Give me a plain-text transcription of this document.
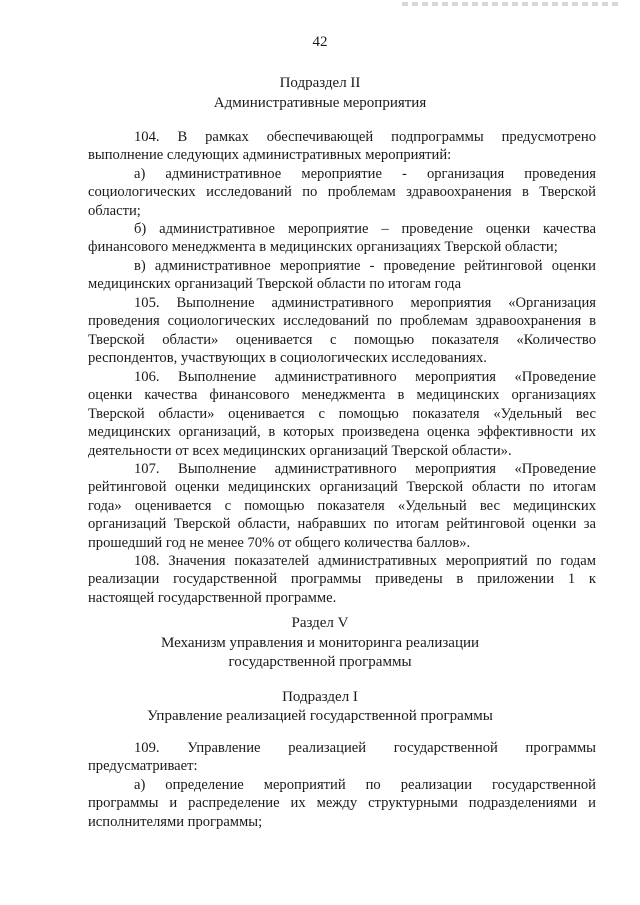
42
Подраздел II
Административные мероприятия
104. В рамках обеспечивающей подпрограммы предусмотрено
выполнение следующих административных мероприятий:
а) административное мероприятие - организация проведения
социологических исследований по проблемам здравоохранения в Тверской
области;
б) административное мероприятие – проведение оценки качества
финансового менеджмента в медицинских организациях Тверской области;
в) административное мероприятие - проведение рейтинговой оценки
медицинских организаций Тверской области по итогам года
105. Выполнение административного мероприятия «Организация
проведения социологических исследований по проблемам здравоохранения в
Тверской области» оценивается с помощью показателя «Количество
респондентов, участвующих в социологических исследованиях.
106. Выполнение административного мероприятия «Проведение
оценки качества финансового менеджмента в медицинских организациях
Тверской области» оценивается с помощью показателя «Удельный вес
медицинских организаций, в которых произведена оценка эффективности их
деятельности от всех медицинских организаций Тверской области».
107. Выполнение административного мероприятия «Проведение
рейтинговой оценки медицинских организаций Тверской области по итогам
года» оценивается с помощью показателя «Удельный вес медицинских
организаций Тверской области, набравших по итогам рейтинговой оценки за
прошедший год не менее 70% от общего количества баллов».
108. Значения показателей административных мероприятий по годам
реализации государственной программы приведены в приложении 1 к
настоящей государственной программе.
Раздел V
Механизм управления и мониторинга реализации
государственной программы
Подраздел I
Управление реализацией государственной программы
109. Управление реализацией государственной программы
предусматривает:
а) определение мероприятий по реализации государственной
программы и распределение их между структурными подразделениями и
исполнителями программы;
